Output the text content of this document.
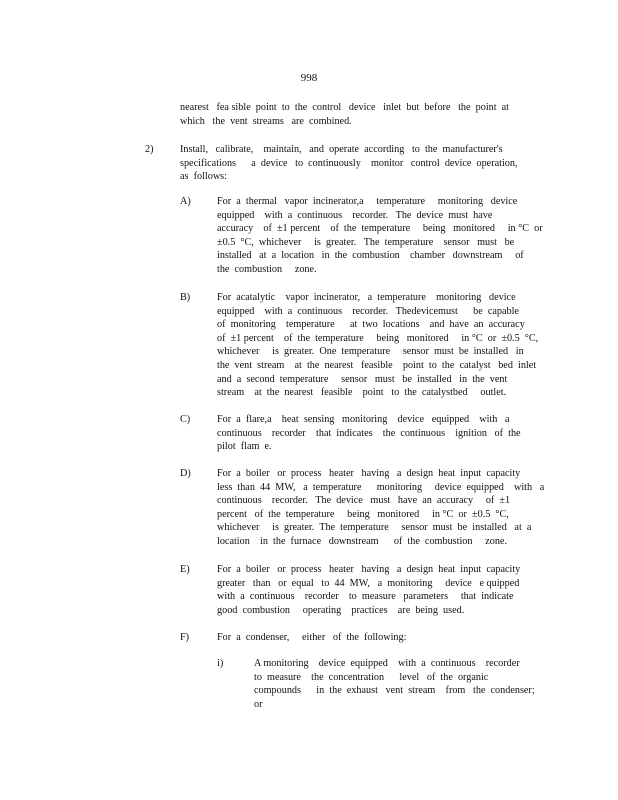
998
nearest   fea sible  point  to  the  control   device   inlet  but  before   the  point  at
which   the  vent  streams   are  combined.
2)	Install,   calibrate,    maintain,   and  operate  according   to  the  manufacturer's
specifications      a  device   to  continuously    monitor   control  device  operation,
as  follows:
A)	For  a  thermal   vapor  incinerator,a     temperature     monitoring   device
equipped    with  a  continuous    recorder.   The  device  must  have
accuracy    of  ±1 percent    of  the  temperature     being   monitored     in °C  or
±0.5  °C,  whichever     is  greater.   The  temperature    sensor   must   be
installed   at  a  location   in  the  combustion    chamber   downstream     of
the  combustion     zone.
B)	For  acatalytic    vapor  incinerator,   a  temperature    monitoring   device
equipped    with  a  continuous    recorder.   Thedevicemust      be  capable
of  monitoring    temperature      at  two  locations    and  have  an  accuracy
of  ±1 percent    of  the  temperature     being   monitored     in °C  or  ±0.5  °C,
whichever     is  greater.  One  temperature     sensor  must  be  installed   in
the  vent  stream    at  the  nearest   feasible    point  to  the  catalyst   bed  inlet
and  a  second  temperature     sensor   must   be  installed   in  the  vent
stream    at  the  nearest   feasible    point   to  the  catalystbed     outlet.
C)	For  a  flare,a    heat  sensing   monitoring    device   equipped    with   a
continuous    recorder    that  indicates    the  continuous    ignition   of  the
pilot  flam  e.
D)	For  a  boiler   or  process   heater   having   a  design  heat  input  capacity
less  than  44  MW,   a  temperature      monitoring     device  equipped    with   a
continuous    recorder.   The  device   must   have  an  accuracy     of  ±1
percent   of  the  temperature     being   monitored     in °C  or  ±0.5  °C,
whichever     is  greater.  The  temperature     sensor  must  be  installed   at  a
location    in  the  furnace   downstream      of  the  combustion     zone.
E)	For  a  boiler   or  process   heater   having   a  design  heat  input  capacity
greater   than   or  equal   to  44  MW,   a  monitoring     device   e quipped
with  a  continuous    recorder    to  measure   parameters     that  indicate
good  combustion     operating    practices    are  being  used.
F)	For  a  condenser,     either   of  the  following:
i)	A monitoring    device  equipped    with  a  continuous    recorder
to  measure    the  concentration      level   of  the  organic
compounds      in  the  exhaust   vent  stream    from   the  condenser;
or
